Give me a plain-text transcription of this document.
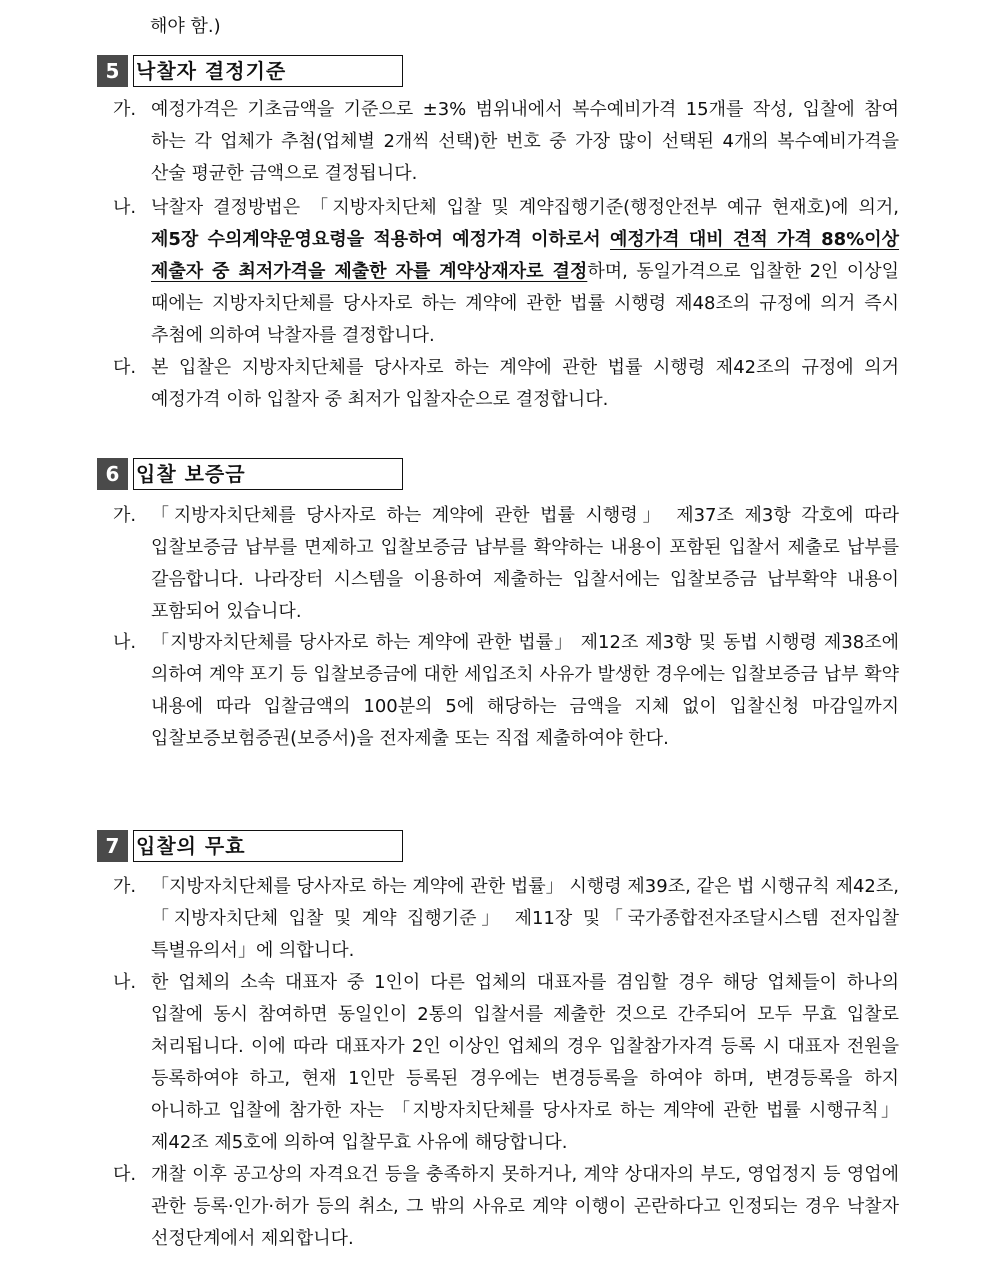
해야 함.)
5 낙찰자 결정기준
가. 예정가격은 기초금액을 기준으로 ±3% 범위내에서 복수예비가격 15개를 작성, 입찰에 참여 하는 각 업체가 추첨(업체별 2개씩 선택)한 번호 중 가장 많이 선택된 4개의 복수예비가격을 산술 평균한 금액으로 결정됩니다.
나. 낙찰자 결정방법은 「지방자치단체 입찰 및 계약집행기준(행정안전부 예규 현재호)에 의거, 제5장 수의계약운영요령을 적용하여 예정가격 이하로서 예정가격 대비 견적 가격 88%이상 제출자 중 최저가격을 제출한 자를 계약상재자로 결정하며, 동일가격으로 입찰한 2인 이상일 때에는 지방자치단체를 당사자로 하는 계약에 관한 법률 시행령 제48조의 규정에 의거 즉시 추첨에 의하여 낙찰자를 결정합니다.
다. 본 입찰은 지방자치단체를 당사자로 하는 계약에 관한 법률 시행령 제42조의 규정에 의거 예정가격 이하 입찰자 중 최저가 입찰자순으로 결정합니다.
6 입찰 보증금
가. 「지방자치단체를 당사자로 하는 계약에 관한 법률 시행령」 제37조 제3항 각호에 따라 입찰보증금 납부를 면제하고 입찰보증금 납부를 확약하는 내용이 포함된 입찰서 제출로 납부를 갈음합니다. 나라장터 시스템을 이용하여 제출하는 입찰서에는 입찰보증금 납부확약 내용이 포함되어 있습니다.
나. 「지방자치단체를 당사자로 하는 계약에 관한 법률」 제12조 제3항 및 동법 시행령 제38조에 의하여 계약 포기 등 입찰보증금에 대한 세입조치 사유가 발생한 경우에는 입찰보증금 납부 확약 내용에 따라 입찰금액의 100분의 5에 해당하는 금액을 지체 없이 입찰신청 마감일까지 입찰보증보험증권(보증서)을 전자제출 또는 직접 제출하여야 한다.
7 입찰의 무효
가. 「지방자치단체를 당사자로 하는 계약에 관한 법률」 시행령 제39조, 같은 법 시행규칙 제42조, 「지방자치단체 입찰 및 계약 집행기준」 제11장 및「국가종합전자조달시스템 전자입찰 특별유의서」에 의합니다.
나. 한 업체의 소속 대표자 중 1인이 다른 업체의 대표자를 겸임할 경우 해당 업체들이 하나의 입찰에 동시 참여하면 동일인이 2통의 입찰서를 제출한 것으로 간주되어 모두 무효 입찰로 처리됩니다. 이에 따라 대표자가 2인 이상인 업체의 경우 입찰참가자격 등록 시 대표자 전원을 등록하여야 하고, 현재 1인만 등록된 경우에는 변경등록을 하여야 하며, 변경등록을 하지 아니하고 입찰에 참가한 자는 「지방자치단체를 당사자로 하는 계약에 관한 법률 시행규칙」 제42조 제5호에 의하여 입찰무효 사유에 해당합니다.
다. 개찰 이후 공고상의 자격요건 등을 충족하지 못하거나, 계약 상대자의 부도, 영업정지 등 영업에 관한 등록·인가·허가 등의 취소, 그 밖의 사유로 계약 이행이 곤란하다고 인정되는 경우 낙찰자 선정단계에서 제외합니다.
